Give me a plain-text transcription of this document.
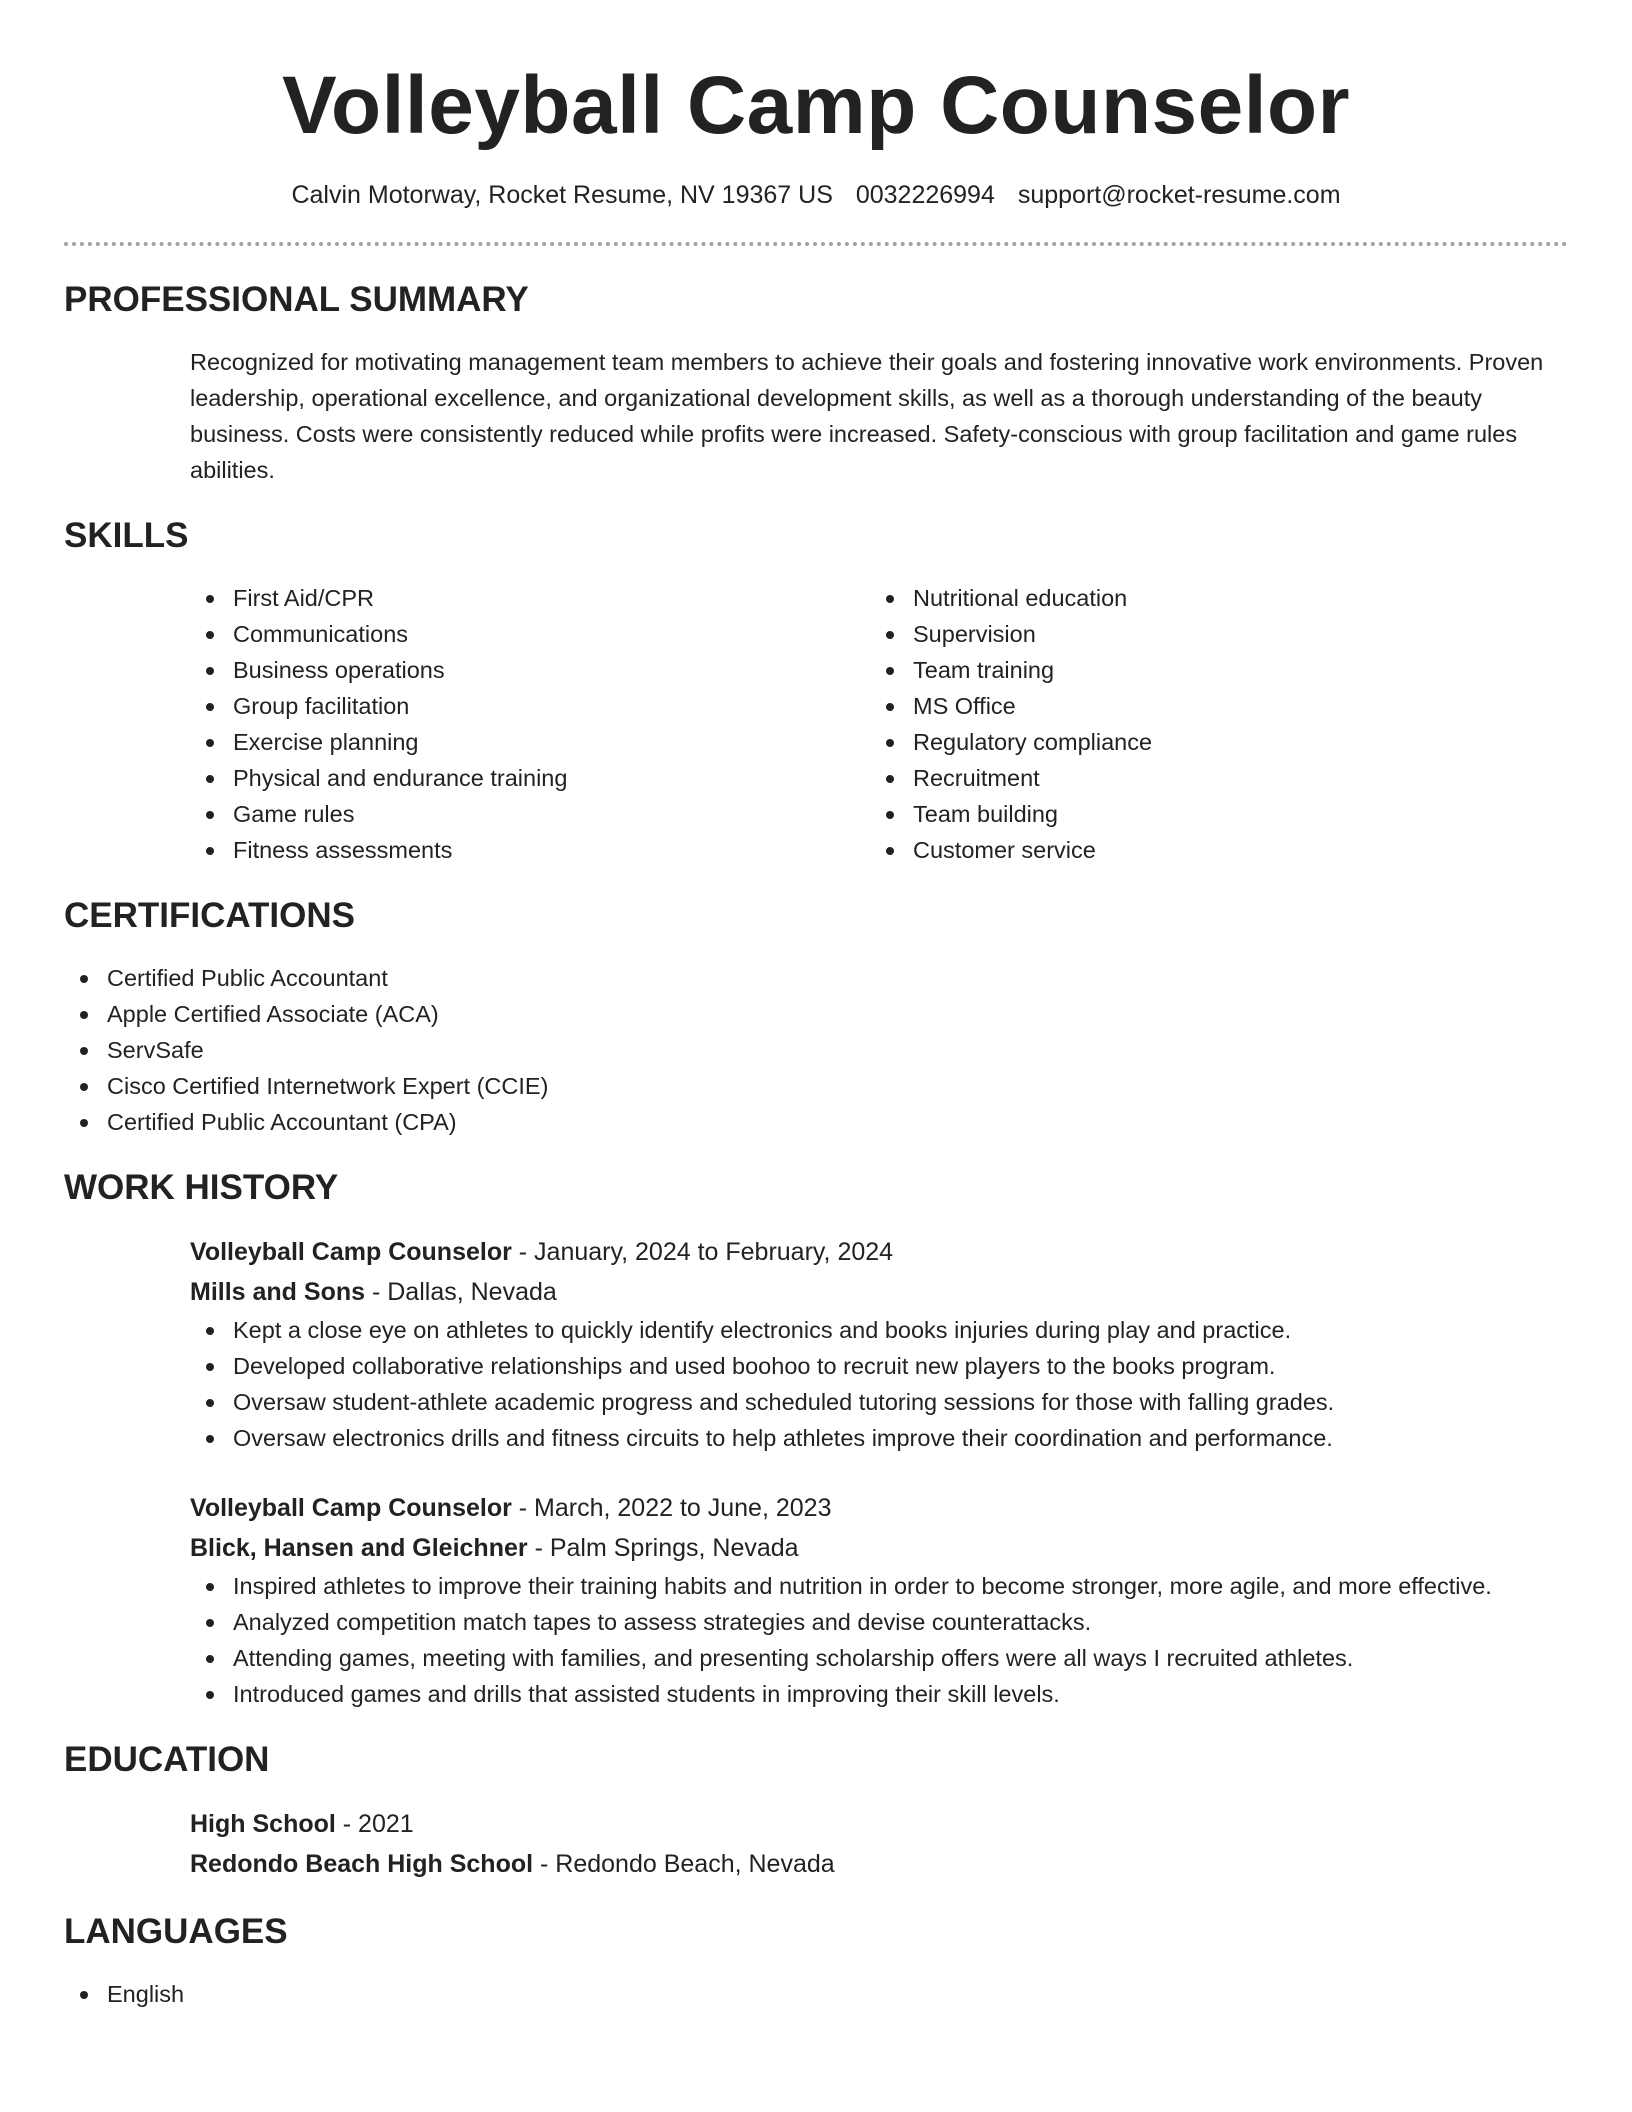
Volleyball Camp Counselor
Calvin Motorway, Rocket Resume, NV 19367 US 0032226994 support@rocket-resume.com
PROFESSIONAL SUMMARY
Recognized for motivating management team members to achieve their goals and fostering innovative work environments. Proven leadership, operational excellence, and organizational development skills, as well as a thorough understanding of the beauty business. Costs were consistently reduced while profits were increased. Safety-conscious with group facilitation and game rules abilities.
SKILLS
First Aid/CPR
Communications
Business operations
Group facilitation
Exercise planning
Physical and endurance training
Game rules
Fitness assessments
Nutritional education
Supervision
Team training
MS Office
Regulatory compliance
Recruitment
Team building
Customer service
CERTIFICATIONS
Certified Public Accountant
Apple Certified Associate (ACA)
ServSafe
Cisco Certified Internetwork Expert (CCIE)
Certified Public Accountant (CPA)
WORK HISTORY
Volleyball Camp Counselor - January, 2024 to February, 2024
Mills and Sons - Dallas, Nevada
Kept a close eye on athletes to quickly identify electronics and books injuries during play and practice.
Developed collaborative relationships and used boohoo to recruit new players to the books program.
Oversaw student-athlete academic progress and scheduled tutoring sessions for those with falling grades.
Oversaw electronics drills and fitness circuits to help athletes improve their coordination and performance.
Volleyball Camp Counselor - March, 2022 to June, 2023
Blick, Hansen and Gleichner - Palm Springs, Nevada
Inspired athletes to improve their training habits and nutrition in order to become stronger, more agile, and more effective.
Analyzed competition match tapes to assess strategies and devise counterattacks.
Attending games, meeting with families, and presenting scholarship offers were all ways I recruited athletes.
Introduced games and drills that assisted students in improving their skill levels.
EDUCATION
High School - 2021
Redondo Beach High School - Redondo Beach, Nevada
LANGUAGES
English
